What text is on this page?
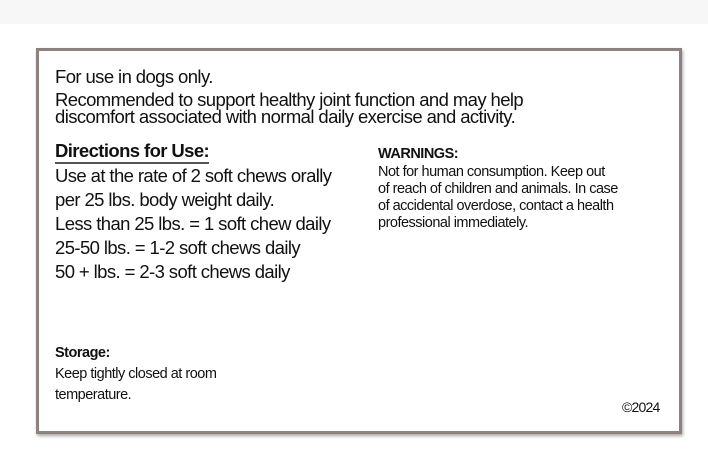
For use in dogs only.
Recommended to support healthy joint function and may help
discomfort associated with normal daily exercise and activity.
Directions for Use:
Use at the rate of 2 soft chews orally
per 25 lbs. body weight daily.
Less than 25 lbs. = 1 soft chew daily
25-50 lbs. = 1-2 soft chews daily
50 + lbs. = 2-3 soft chews daily
WARNINGS:
Not for human consumption. Keep out
of reach of children and animals. In case
of accidental overdose, contact a health
professional immediately.
Storage:
Keep tightly closed at room
temperature.
©2024
